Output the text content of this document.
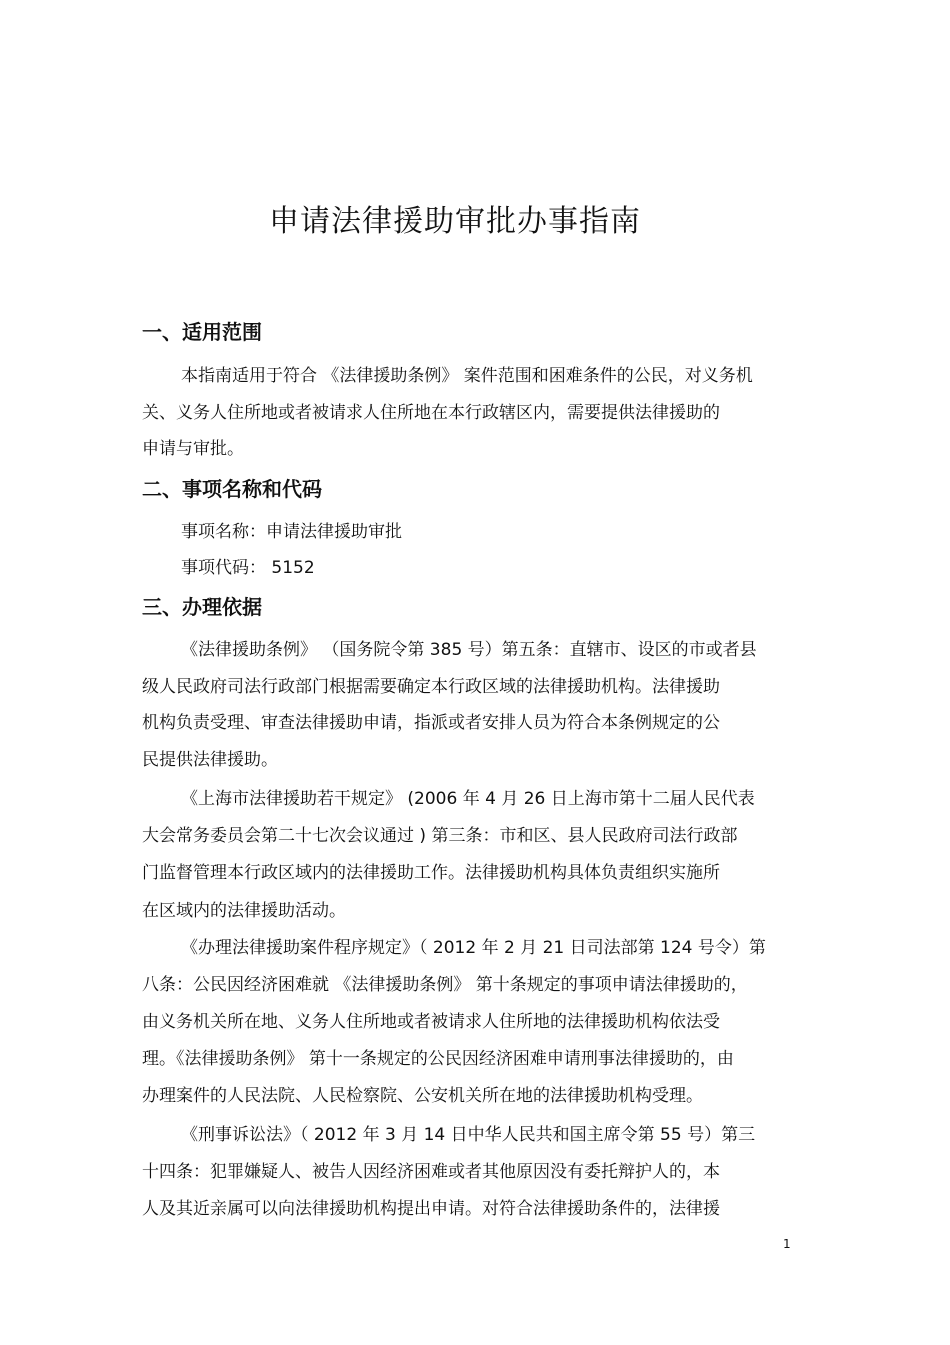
申请法律援助审批办事指南
一、适用范围

本指南适用于符合 《法律援助条例》 案件范围和困难条件的公民，对义务机

关、义务人住所地或者被请求人住所地在本行政辖区内，需要提供法律援助的

申请与审批。

二、事项名称和代码

事项名称：申请法律援助审批

事项代码： 5152

三、办理依据

《法律援助条例》 （国务院令第 385 号）第五条：直辖市、设区的市或者县

级人民政府司法行政部门根据需要确定本行政区域的法律援助机构。法律援助

机构负责受理、审查法律援助申请，指派或者安排人员为符合本条例规定的公

民提供法律援助。

《上海市法律援助若干规定》 (2006 年 4 月 26 日上海市第十二届人民代表

大会常务委员会第二十七次会议通过 ) 第三条：市和区、县人民政府司法行政部

门监督管理本行政区域内的法律援助工作。法律援助机构具体负责组织实施所

在区域内的法律援助活动。

《办理法律援助案件程序规定》（ 2012 年 2 月 21 日司法部第 124 号令）第

八条：公民因经济困难就 《法律援助条例》 第十条规定的事项申请法律援助的，

由义务机关所在地、义务人住所地或者被请求人住所地的法律援助机构依法受

理。《法律援助条例》 第十一条规定的公民因经济困难申请刑事法律援助的，由

办理案件的人民法院、人民检察院、公安机关所在地的法律援助机构受理。

《刑事诉讼法》（ 2012 年 3 月 14 日中华人民共和国主席令第 55 号）第三

十四条：犯罪嫌疑人、被告人因经济困难或者其他原因没有委托辩护人的，本

人及其近亲属可以向法律援助机构提出申请。对符合法律援助条件的，法律援

1
